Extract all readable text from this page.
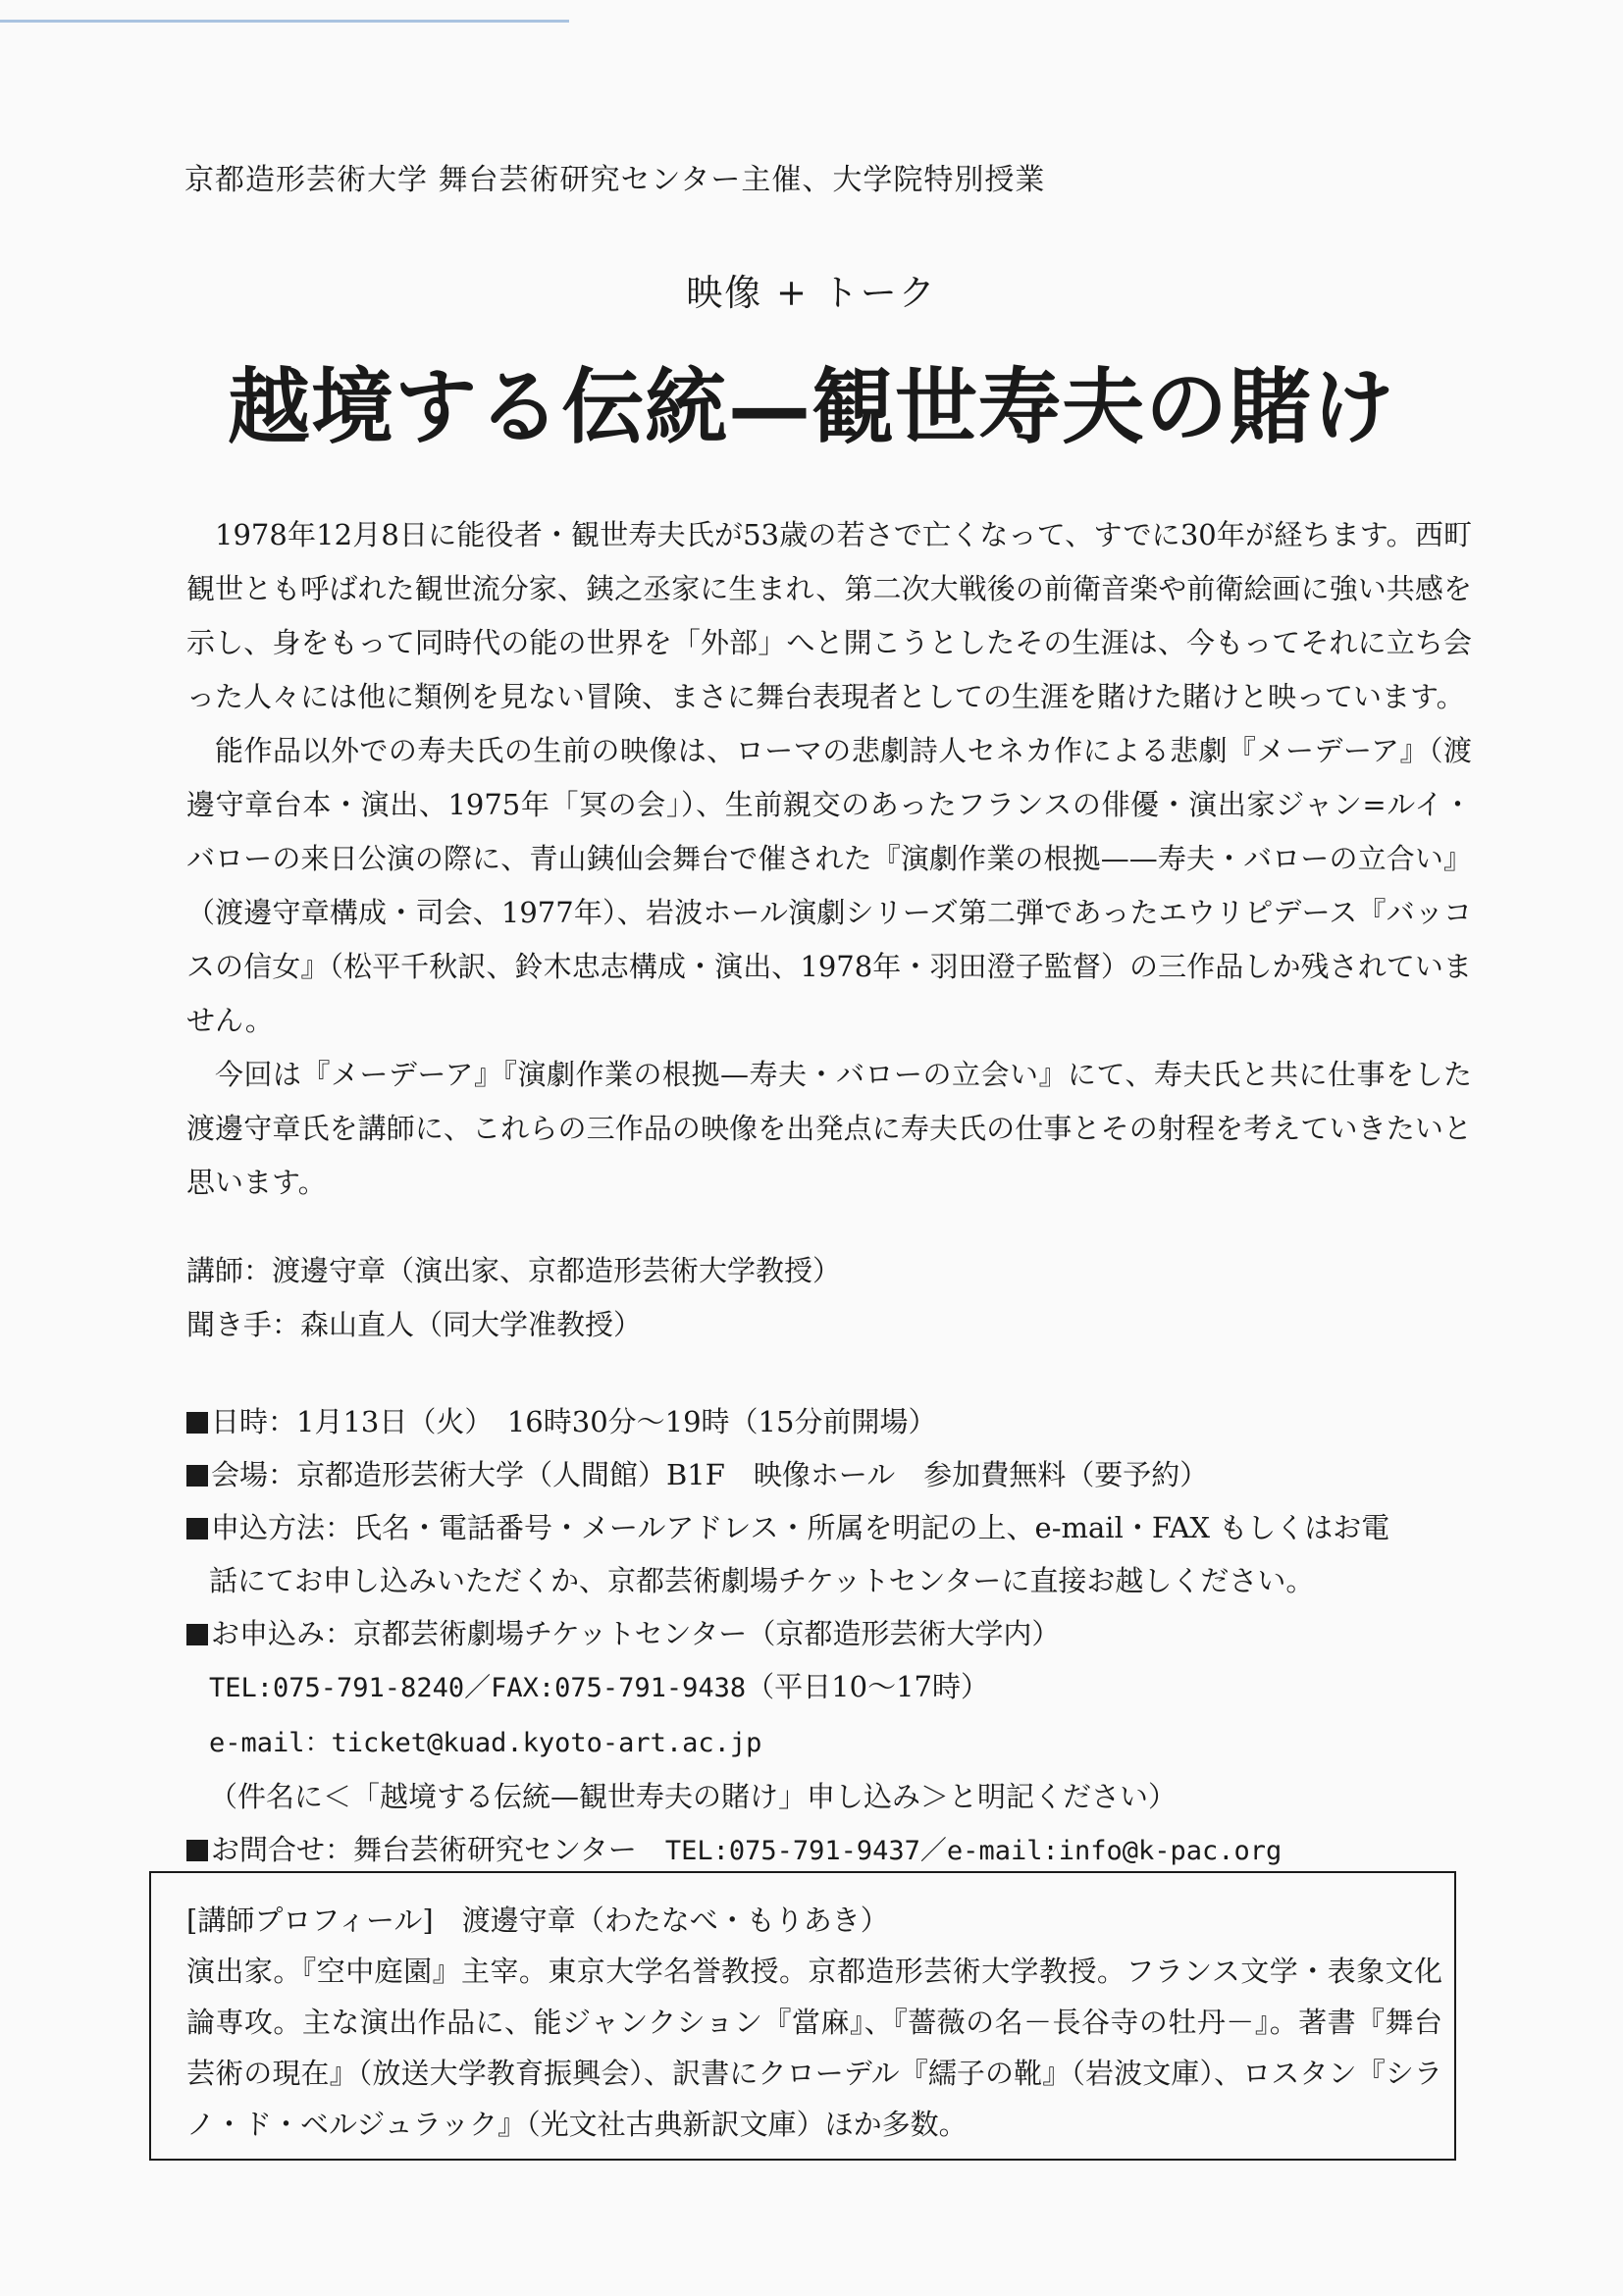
京都造形芸術大学 舞台芸術研究センター主催、大学院特別授業
映像 + トーク
越境する伝統—観世寿夫の賭け

1978年12月8日に能役者・観世寿夫氏が53歳の若さで亡くなって、すでに30年が経ちます。西町観世とも呼ばれた観世流分家、銕之丞家に生まれ、第二次大戦後の前衛音楽や前衛絵画に強い共感を示し、身をもって同時代の能の世界を「外部」へと開こうとしたその生涯は、今もってそれに立ち会った人々には他に類例を見ない冒険、まさに舞台表現者としての生涯を賭けた賭けと映っています。

能作品以外での寿夫氏の生前の映像は、ローマの悲劇詩人セネカ作による悲劇『メーデーア』（渡邊守章台本・演出、1975年「冥の会」）、生前親交のあったフランスの俳優・演出家ジャン=ルイ・バローの来日公演の際に、青山銕仙会舞台で催された『演劇作業の根拠——寿夫・バローの立合い』（渡邊守章構成・司会、1977年）、岩波ホール演劇シリーズ第二弾であったエウリピデース『バッコスの信女』（松平千秋訳、鈴木忠志構成・演出、1978年・羽田澄子監督）の三作品しか残されていません。

今回は『メーデーア』『演劇作業の根拠—寿夫・バローの立会い』にて、寿夫氏と共に仕事をした渡邊守章氏を講師に、これらの三作品の映像を出発点に寿夫氏の仕事とその射程を考えていきたいと思います。

講師：渡邊守章（演出家、京都造形芸術大学教授）
聞き手：森山直人（同大学准教授）
日時：1月13日（火）　16時30分〜19時（15分前開場）
会場：京都造形芸術大学（人間館）B1F　映像ホール　参加費無料（要予約）
申込方法：氏名・電話番号・メールアドレス・所属を明記の上、e-mail・FAX もしくはお電
話にてお申し込みいただくか、京都芸術劇場チケットセンターに直接お越しください。
お申込み：京都芸術劇場チケットセンター（京都造形芸術大学内）
TEL:075-791-8240／FAX:075-791-9438（平日10〜17時）
e-mail：ticket@kuad.kyoto-art.ac.jp
（件名に＜「越境する伝統—観世寿夫の賭け」申し込み＞と明記ください）
お問合せ：舞台芸術研究センター　TEL:075-791-9437／e-mail:info@k-pac.org
[講師プロフィール]　渡邊守章（わたなべ・もりあき）
演出家。『空中庭園』主宰。東京大学名誉教授。京都造形芸術大学教授。フランス文学・表象文化論専攻。主な演出作品に、能ジャンクション『當麻』、『薔薇の名－長谷寺の牡丹－』。著書『舞台芸術の現在』（放送大学教育振興会）、訳書にクローデル『繻子の靴』（岩波文庫）、ロスタン『シラノ・ド・ベルジュラック』（光文社古典新訳文庫）ほか多数。
